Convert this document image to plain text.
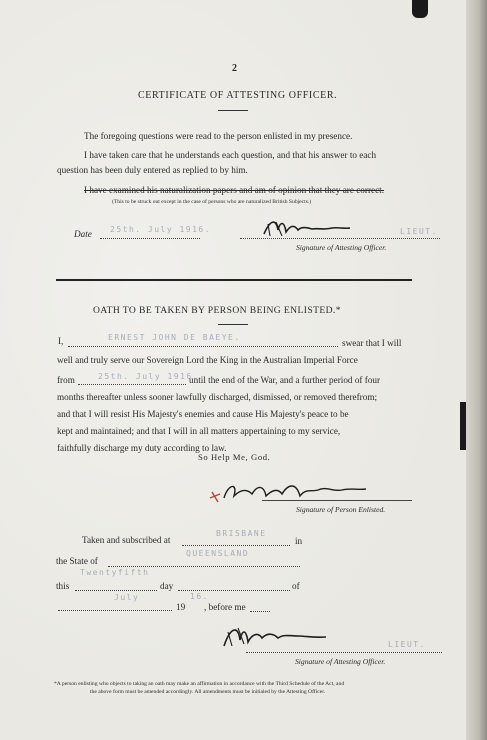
2
CERTIFICATE OF ATTESTING OFFICER.
The foregoing questions were read to the person enlisted in my presence.
I have taken care that he understands each question, and that his answer to each
question has been duly entered as replied to by him.
I have examined his naturalization papers and am of opinion that they are correct.
(This to be struck out except in the case of persons who are naturalized British Subjects.)
Date 25th. July 1916.	LIEUT.
Signature of Attesting Officer.
OATH TO BE TAKEN BY PERSON BEING ENLISTED.*
I,	ERNEST JOHN DE BAEYE.
swear that I will
well and truly serve our Sovereign Lord the King in the Australian Imperial Force
from	25th. July 1916.
until the end of the War, and a further period of four
months thereafter unless sooner lawfully discharged, dismissed, or removed therefrom;
and that I will resist His Majesty's enemies and cause His Majesty's peace to be
kept and maintained; and that I will in all matters appertaining to my service,
faithfully discharge my duty according to law.
So Help Me, God.
Signature of Person Enlisted.
Taken and subscribed at
BRISBANE
in
QUEENSLAND
the State of
Twentyfifth
this	day	of
July
19
16.
, before me
LIEUT.
Signature of Attesting Officer.
*A person enlisting who objects to taking an oath may make an affirmation in accordance with the Third Schedule of the Act, and
the above form must be amended accordingly. All amendments must be initialed by the Attesting Officer.
